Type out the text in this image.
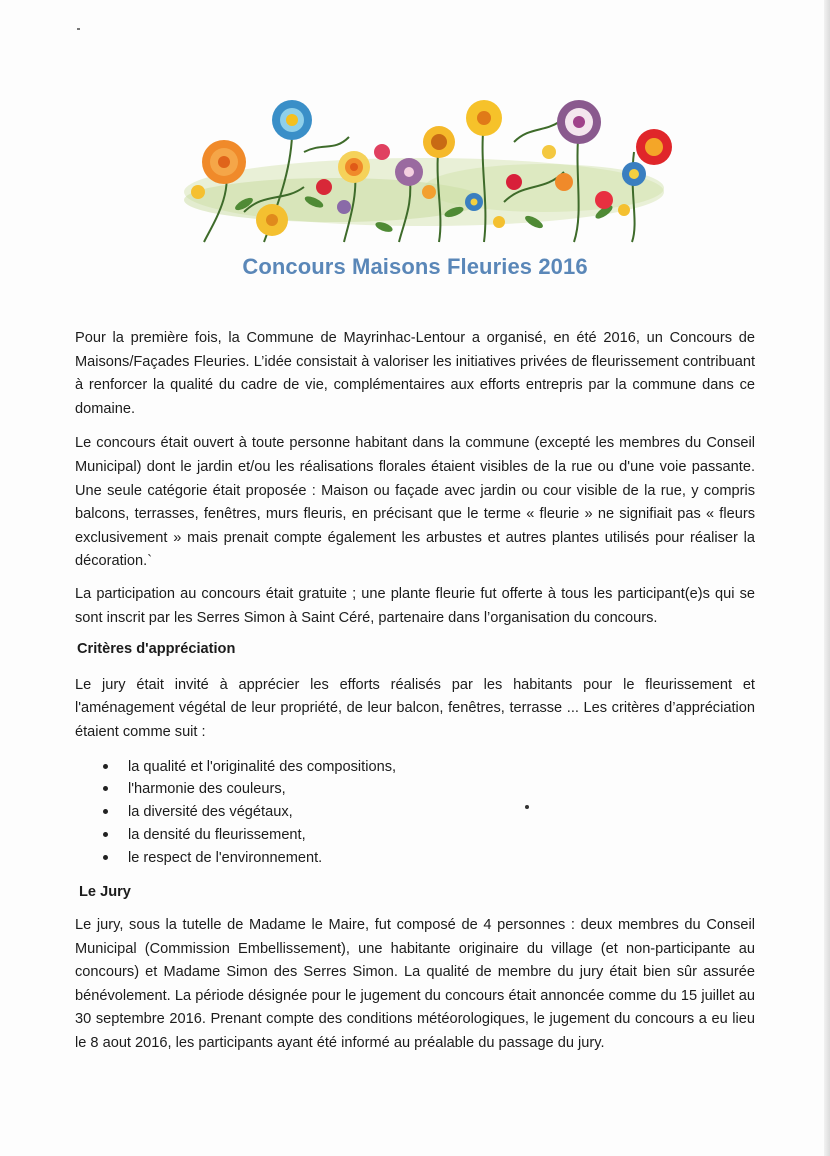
Concours Maisons Fleuries 2016

Pour la première fois, la Commune de Mayrinhac-Lentour a organisé, en été 2016, un Concours de Maisons/Façades Fleuries. L’idée consistait à valoriser les initiatives privées de fleurissement contribuant à renforcer la qualité du cadre de vie, complémentaires aux efforts entrepris par la commune dans ce domaine.

Le concours était ouvert à toute personne habitant dans la commune (excepté les membres du Conseil Municipal) dont le jardin et/ou les réalisations florales étaient visibles de la rue ou d'une voie passante. Une seule catégorie était proposée : Maison ou façade avec jardin ou cour visible de la rue, y compris balcons, terrasses, fenêtres, murs fleuris, en précisant que le terme « fleurie » ne signifiait pas « fleurs exclusivement » mais prenait compte également les arbustes et autres plantes utilisés pour réaliser la décoration.`

La participation au concours était gratuite ; une plante fleurie fut offerte à tous les participant(e)s qui se sont inscrit par les Serres Simon à Saint Céré, partenaire dans l’organisation du concours.

Critères d'appréciation

Le jury était invité à apprécier les efforts réalisés par les habitants pour le fleurissement et l'aménagement végétal de leur propriété, de leur balcon, fenêtres, terrasse ... Les critères d’appréciation étaient comme suit :

la qualité et l'originalité des compositions,
l'harmonie des couleurs,
la diversité des végétaux,
la densité du fleurissement,
le respect de l'environnement.
Le Jury

Le jury, sous la tutelle de Madame le Maire, fut composé de 4 personnes : deux membres du Conseil Municipal (Commission Embellissement), une habitante originaire du village (et non-participante au concours) et Madame Simon des Serres Simon. La qualité de membre du jury était bien sûr assurée bénévolement. La période désignée pour le jugement du concours était annoncée comme du 15 juillet au 30 septembre 2016. Prenant compte des conditions météorologiques, le jugement du concours a eu lieu le 8 aout 2016, les participants ayant été informé au préalable du passage du jury.
